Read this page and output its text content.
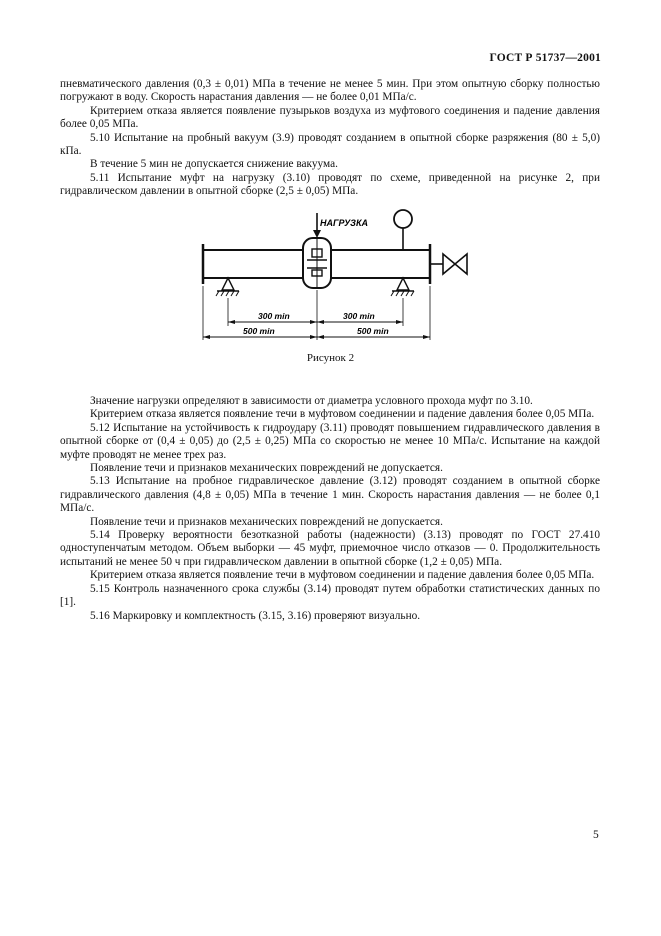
ГОСТ Р 51737—2001

пневматического давления (0,3 ± 0,01) МПа в течение не менее 5 мин. При этом опытную сборку полностью погружают в воду. Скорость нарастания давления — не более 0,01 МПа/с.

Критерием отказа является появление пузырьков воздуха из муфтового соединения и падение давления более 0,05 МПа.

5.10 Испытание на пробный вакуум (3.9) проводят созданием в опытной сборке разряжения (80 ± 5,0) кПа.

В течение 5 мин не допускается снижение вакуума.

5.11 Испытание муфт на нагрузку (3.10) проводят по схеме, приведенной на рисунке 2, при гидравлическом давлении в опытной сборке (2,5 ± 0,05) МПа.

НАГРУЗКА
300 min	300 min
500 min	500 min
Рисунок 2

Значение нагрузки определяют в зависимости от диаметра условного прохода муфт по 3.10.

Критерием отказа является появление течи в муфтовом соединении и падение давления более 0,05 МПа.

5.12 Испытание на устойчивость к гидроудару (3.11) проводят повышением гидравлического давления в опытной сборке от (0,4 ± 0,05) до (2,5 ± 0,25) МПа со скоростью не менее 10 МПа/с. Испытание на каждой муфте проводят не менее трех раз.

Появление течи и признаков механических повреждений не допускается.

5.13 Испытание на пробное гидравлическое давление (3.12) проводят созданием в опытной сборке гидравлического давления (4,8 ± 0,05) МПа в течение 1 мин. Скорость нарастания давления — не более 0,1 МПа/с.

Появление течи и признаков механических повреждений не допускается.

5.14 Проверку вероятности безотказной работы (надежности) (3.13) проводят по ГОСТ 27.410 одноступенчатым методом. Объем выборки — 45 муфт, приемочное число отказов — 0. Продолжительность испытаний не менее 50 ч при гидравлическом давлении в опытной сборке (1,2 ± 0,05) МПа.

Критерием отказа является появление течи в муфтовом соединении и падение давления более 0,05 МПа.

5.15 Контроль назначенного срока службы (3.14) проводят путем обработки статистических данных по [1].

5.16 Маркировку и комплектность (3.15, 3.16) проверяют визуально.

5
